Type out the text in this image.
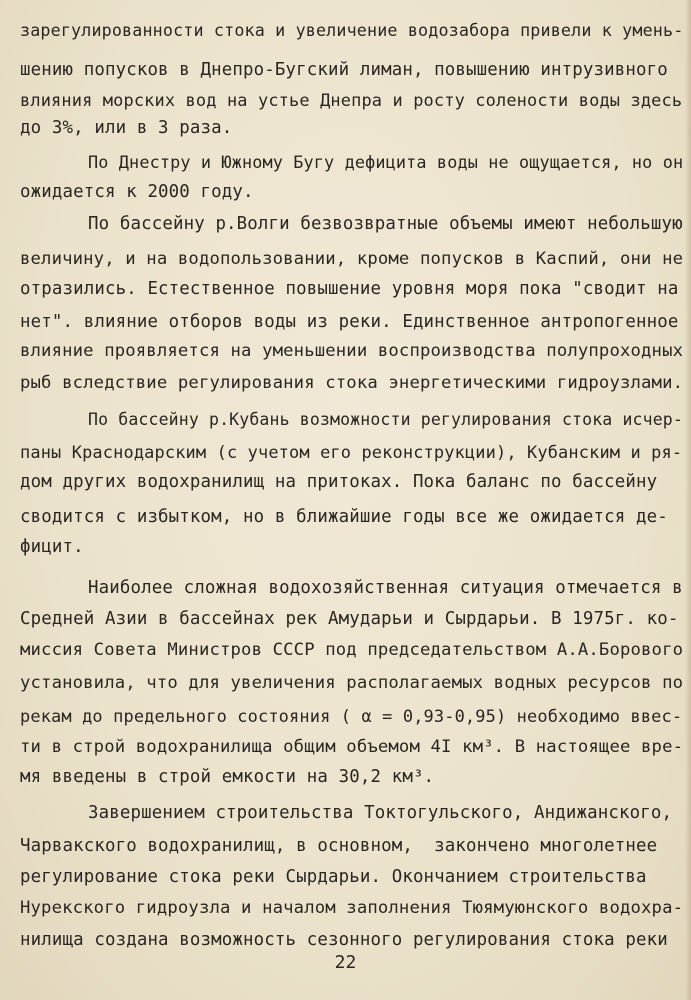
зарегулированности стока и увеличение водозабора привели к умень-
шению попусков в Днепро-Бугский лиман, повышению интрузивного
влияния морских вод на устье Днепра и росту солености воды здесь
до 3%, или в 3 раза.
По Днестру и Южному Бугу дефицита воды не ощущается, но он
ожидается к 2000 году.
По бассейну р.Волги безвозвратные объемы имеют небольшую
величину, и на водопользовании, кроме попусков в Каспий, они не
отразились. Естественное повышение уровня моря пока "сводит на
нет". влияние отборов воды из реки. Единственное антропогенное
влияние проявляется на уменьшении воспроизводства полупроходных
рыб вследствие регулирования стока энергетическими гидроузлами.
По бассейну р.Кубань возможности регулирования стока исчер-
паны Краснодарским (с учетом его реконструкции), Кубанским и ря-
дом других водохранилищ на притоках. Пока баланс по бассейну
сводится с избытком, но в ближайшие годы все же ожидается де-
фицит.
Наиболее сложная водохозяйственная ситуация отмечается в
Средней Азии в бассейнах рек Амударьи и Сырдарьи. В 1975г. ко-
миссия Совета Министров СССР под председательством А.А.Борового
установила, что для увеличения располагаемых водных ресурсов по
рекам до предельного состояния ( α = 0,93-0,95) необходимо ввес-
ти в строй водохранилища общим объемом 4I км³. В настоящее вре-
мя введены в строй емкости на 30,2 км³.
Завершением строительства Токтогульского, Андижанского,
Чарвакского водохранилищ, в основном,  закончено многолетнее
регулирование стока реки Сырдарьи. Окончанием строительства
Нурекского гидроузла и началом заполнения Тюямуюнского водохра-
нилища создана возможность сезонного регулирования стока реки
22
